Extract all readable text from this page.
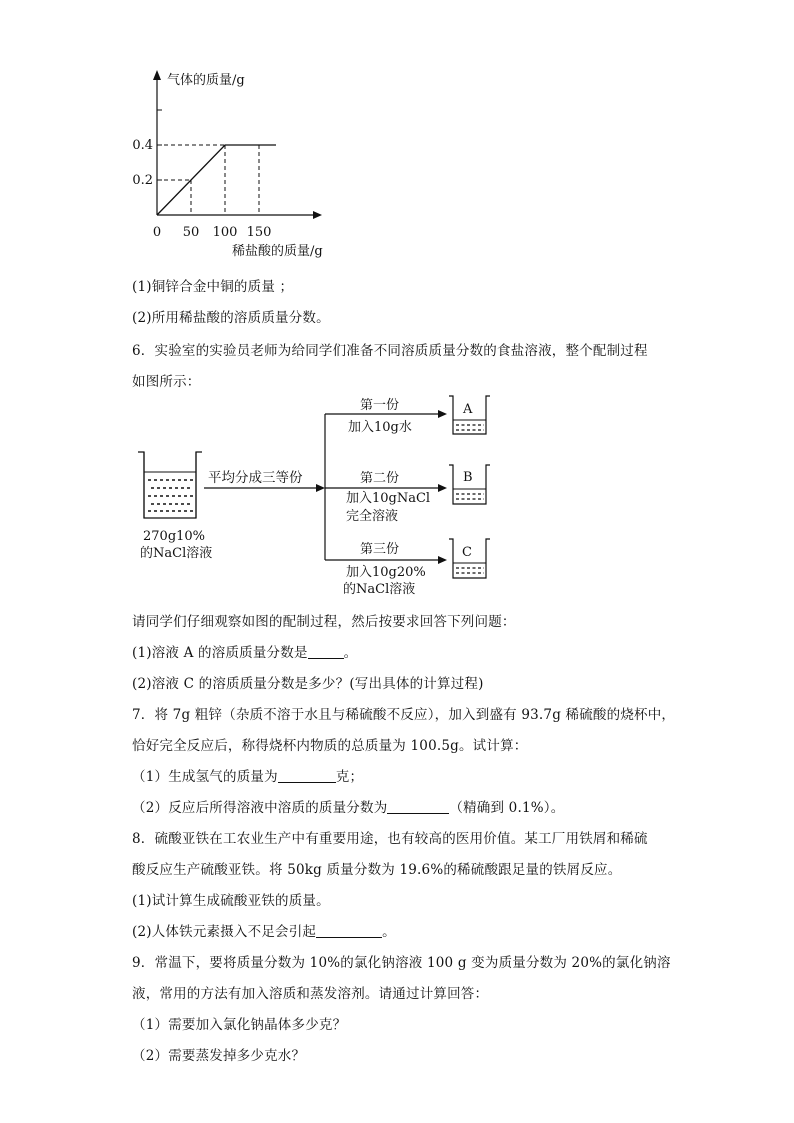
0 50 100 150
0.2
0.4
气体的质量/g
稀盐酸的质量/g
(1)铜锌合金中铜的质量 ；
(2)所用稀盐酸的溶质质量分数。
6．实验室的实验员老师为给同学们准备不同溶质质量分数的食盐溶液，整个配制过程
如图所示：
270g10%
的NaCl溶液
平均分成三等份
第一份
加入10g水
第二份
加入10gNaCl
完全溶液
第三份
加入10g20%
的NaCl溶液
A
B
C
请同学们仔细观察如图的配制过程，然后按要求回答下列问题：
(1)溶液 A 的溶质质量分数是	。
(2)溶液 C 的溶质质量分数是多少？(写出具体的计算过程)
7．将 7g 粗锌（杂质不溶于水且与稀硫酸不反应），加入到盛有 93.7g 稀硫酸的烧杯中，
恰好完全反应后，称得烧杯内物质的总质量为 100.5g。试计算：
（1）生成氢气的质量为	克；
（2）反应后所得溶液中溶质的质量分数为	（精确到 0.1%）。
8．硫酸亚铁在工农业生产中有重要用途，也有较高的医用价值。某工厂用铁屑和稀硫
酸反应生产硫酸亚铁。将 50kg 质量分数为 19.6%的稀硫酸跟足量的铁屑反应。
(1)试计算生成硫酸亚铁的质量。
(2)人体铁元素摄入不足会引起	。
9．常温下，要将质量分数为 10%的氯化钠溶液 100 g 变为质量分数为 20%的氯化钠溶
液，常用的方法有加入溶质和蒸发溶剂。请通过计算回答：
（1）需要加入氯化钠晶体多少克？
（2）需要蒸发掉多少克水？
